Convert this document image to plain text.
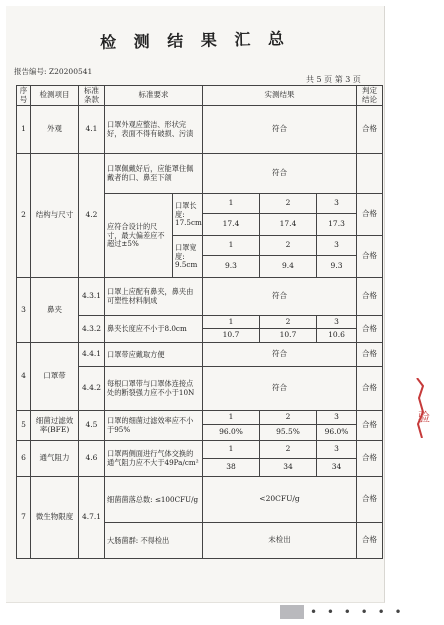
检 测 结 果 汇 总
报告编号: Z20200541
共 5 页 第 3 页
序号	检测项目	标准条款	标准要求		实测结果			判定结论
1	外观	4.1	口罩外观应整洁、形状完好，表面不得有破损、污渍		符合			合格
2	结构与尺寸	4.2	口罩佩戴好后，应能罩住佩戴者的口、鼻至下颌		符合			
			应符合设计的尺寸，最大偏差应不超过±5%	口罩长度: 17.5cm	1	2	3	合格
					17.4	17.4	17.3	
				口罩宽度: 9.5cm	1	2	3	合格
					9.3	9.4	9.3	
3	鼻夹	4.3.1	口罩上应配有鼻夹，鼻夹由可塑性材料制成		符合			合格
		4.3.2	鼻夹长度应不小于8.0cm		1	2	3	合格
					10.7	10.7	10.6	
4	口罩带	4.4.1	口罩带应戴取方便		符合			合格
		4.4.2	每根口罩带与口罩体连接点处的断裂强力应不小于10N		符合			合格
5	细菌过滤效率(BFE)	4.5	口罩的细菌过滤效率应不小于95%		1	2	3	合格
					96.0%	95.5%	96.0%	
6	通气阻力	4.6	口罩两侧面进行气体交换的通气阻力应不大于49Pa/cm²		1	2	3	合格
					38	34	34	
7	微生物限度	4.7.1	细菌菌落总数: ≤100CFU/g		<20CFU/g			合格
			大肠菌群: 不得检出		未检出			合格
验
• • • • • •
